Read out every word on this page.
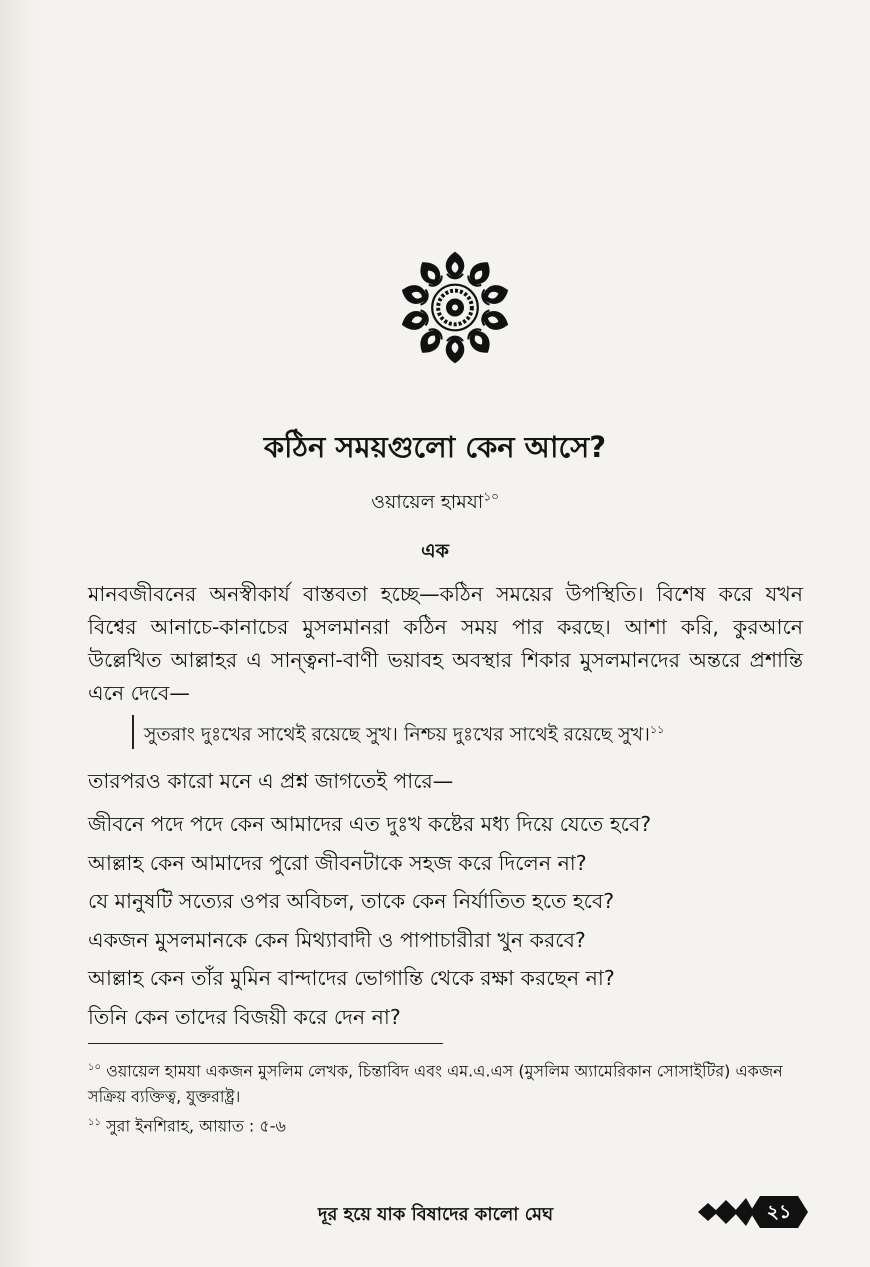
কঠিন সময়গুলো কেন আসে?
ওয়ায়েল হামযা$^{১০}$
এক

মানবজীবনের অনস্বীকার্য বাস্তবতা হচ্ছে—কঠিন সময়ের উপস্থিতি। বিশেষ করে যখন বিশ্বের আনাচে-কানাচের মুসলমানরা কঠিন সময় পার করছে। আশা করি, কুরআনে উল্লেখিত আল্লাহর এ সান্ত্বনা-বাণী ভয়াবহ অবস্থার শিকার মুসলমানদের অন্তরে প্রশান্তি এনে দেবে—

সুতরাং দুঃখের সাথেই রয়েছে সুখ। নিশ্চয় দুঃখের সাথেই রয়েছে সুখ।$^{১১}$
তারপরও কারো মনে এ প্রশ্ন জাগতেই পারে—
জীবনে পদে পদে কেন আমাদের এত দুঃখ কষ্টের মধ্য দিয়ে যেতে হবে?
আল্লাহ কেন আমাদের পুরো জীবনটাকে সহজ করে দিলেন না?
যে মানুষটি সত্যের ওপর অবিচল, তাকে কেন নির্যাতিত হতে হবে?
একজন মুসলমানকে কেন মিথ্যাবাদী ও পাপাচারীরা খুন করবে?
আল্লাহ কেন তাঁর মুমিন বান্দাদের ভোগান্তি থেকে রক্ষা করছেন না?
তিনি কেন তাদের বিজয়ী করে দেন না?

$^{১০}$ ওয়ায়েল হামযা একজন মুসলিম লেখক, চিন্তাবিদ এবং এম.এ.এস (মুসলিম অ্যামেরিকান সোসাইটির) একজন সক্রিয় ব্যক্তিত্ব, যুক্তরাষ্ট্র।

$^{১১}$ সুরা ইনশিরাহ, আয়াত : ৫-৬

দূর হয়ে যাক বিষাদের কালো মেঘ	২১
